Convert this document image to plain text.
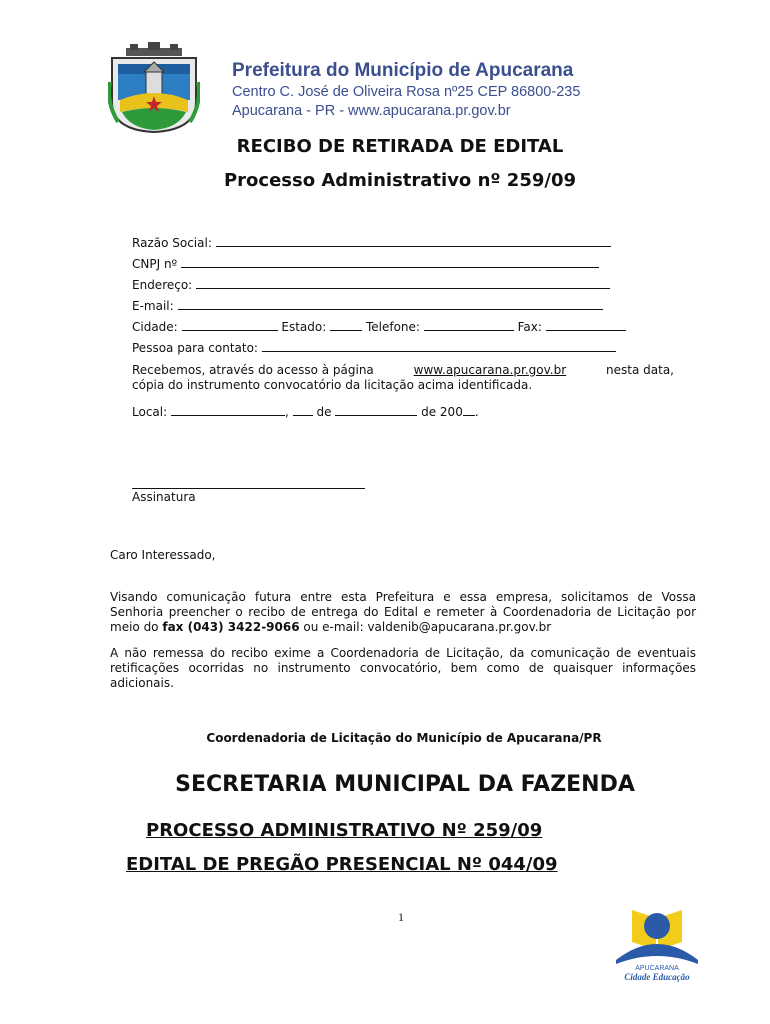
Prefeitura do Município de Apucarana
Centro C. José de Oliveira Rosa nº25 CEP 86800-235
Apucarana - PR - www.apucarana.pr.gov.br
RECIBO DE RETIRADA DE EDITAL
Processo Administrativo nº 259/09
Razão Social:
CNPJ nº
Endereço:
E-mail:
Cidade:	Estado:	Telefone:	Fax:
Pessoa para contato:
Recebemos, através do acesso à página	www.apucarana.pr.gov.br	nesta data,
cópia do instrumento convocatório da licitação acima identificada.
Local:	,  de	de 200 .
Assinatura
Caro Interessado,
Visando comunicação futura entre esta Prefeitura e essa empresa, solicitamos de Vossa Senhoria preencher o recibo de entrega do Edital e remeter à Coordenadoria de Licitação por meio do fax (043) 3422-9066 ou e-mail: valdenib@apucarana.pr.gov.br
A não remessa do recibo exime a Coordenadoria de Licitação, da comunicação de eventuais retificações ocorridas no instrumento convocatório, bem como de quaisquer informações adicionais.
Coordenadoria de Licitação do Município de Apucarana/PR
SECRETARIA MUNICIPAL DA FAZENDA
PROCESSO ADMINISTRATIVO Nº 259/09
EDITAL DE PREGÃO PRESENCIAL Nº 044/09
1
APUCARANA
Cidade Educação
